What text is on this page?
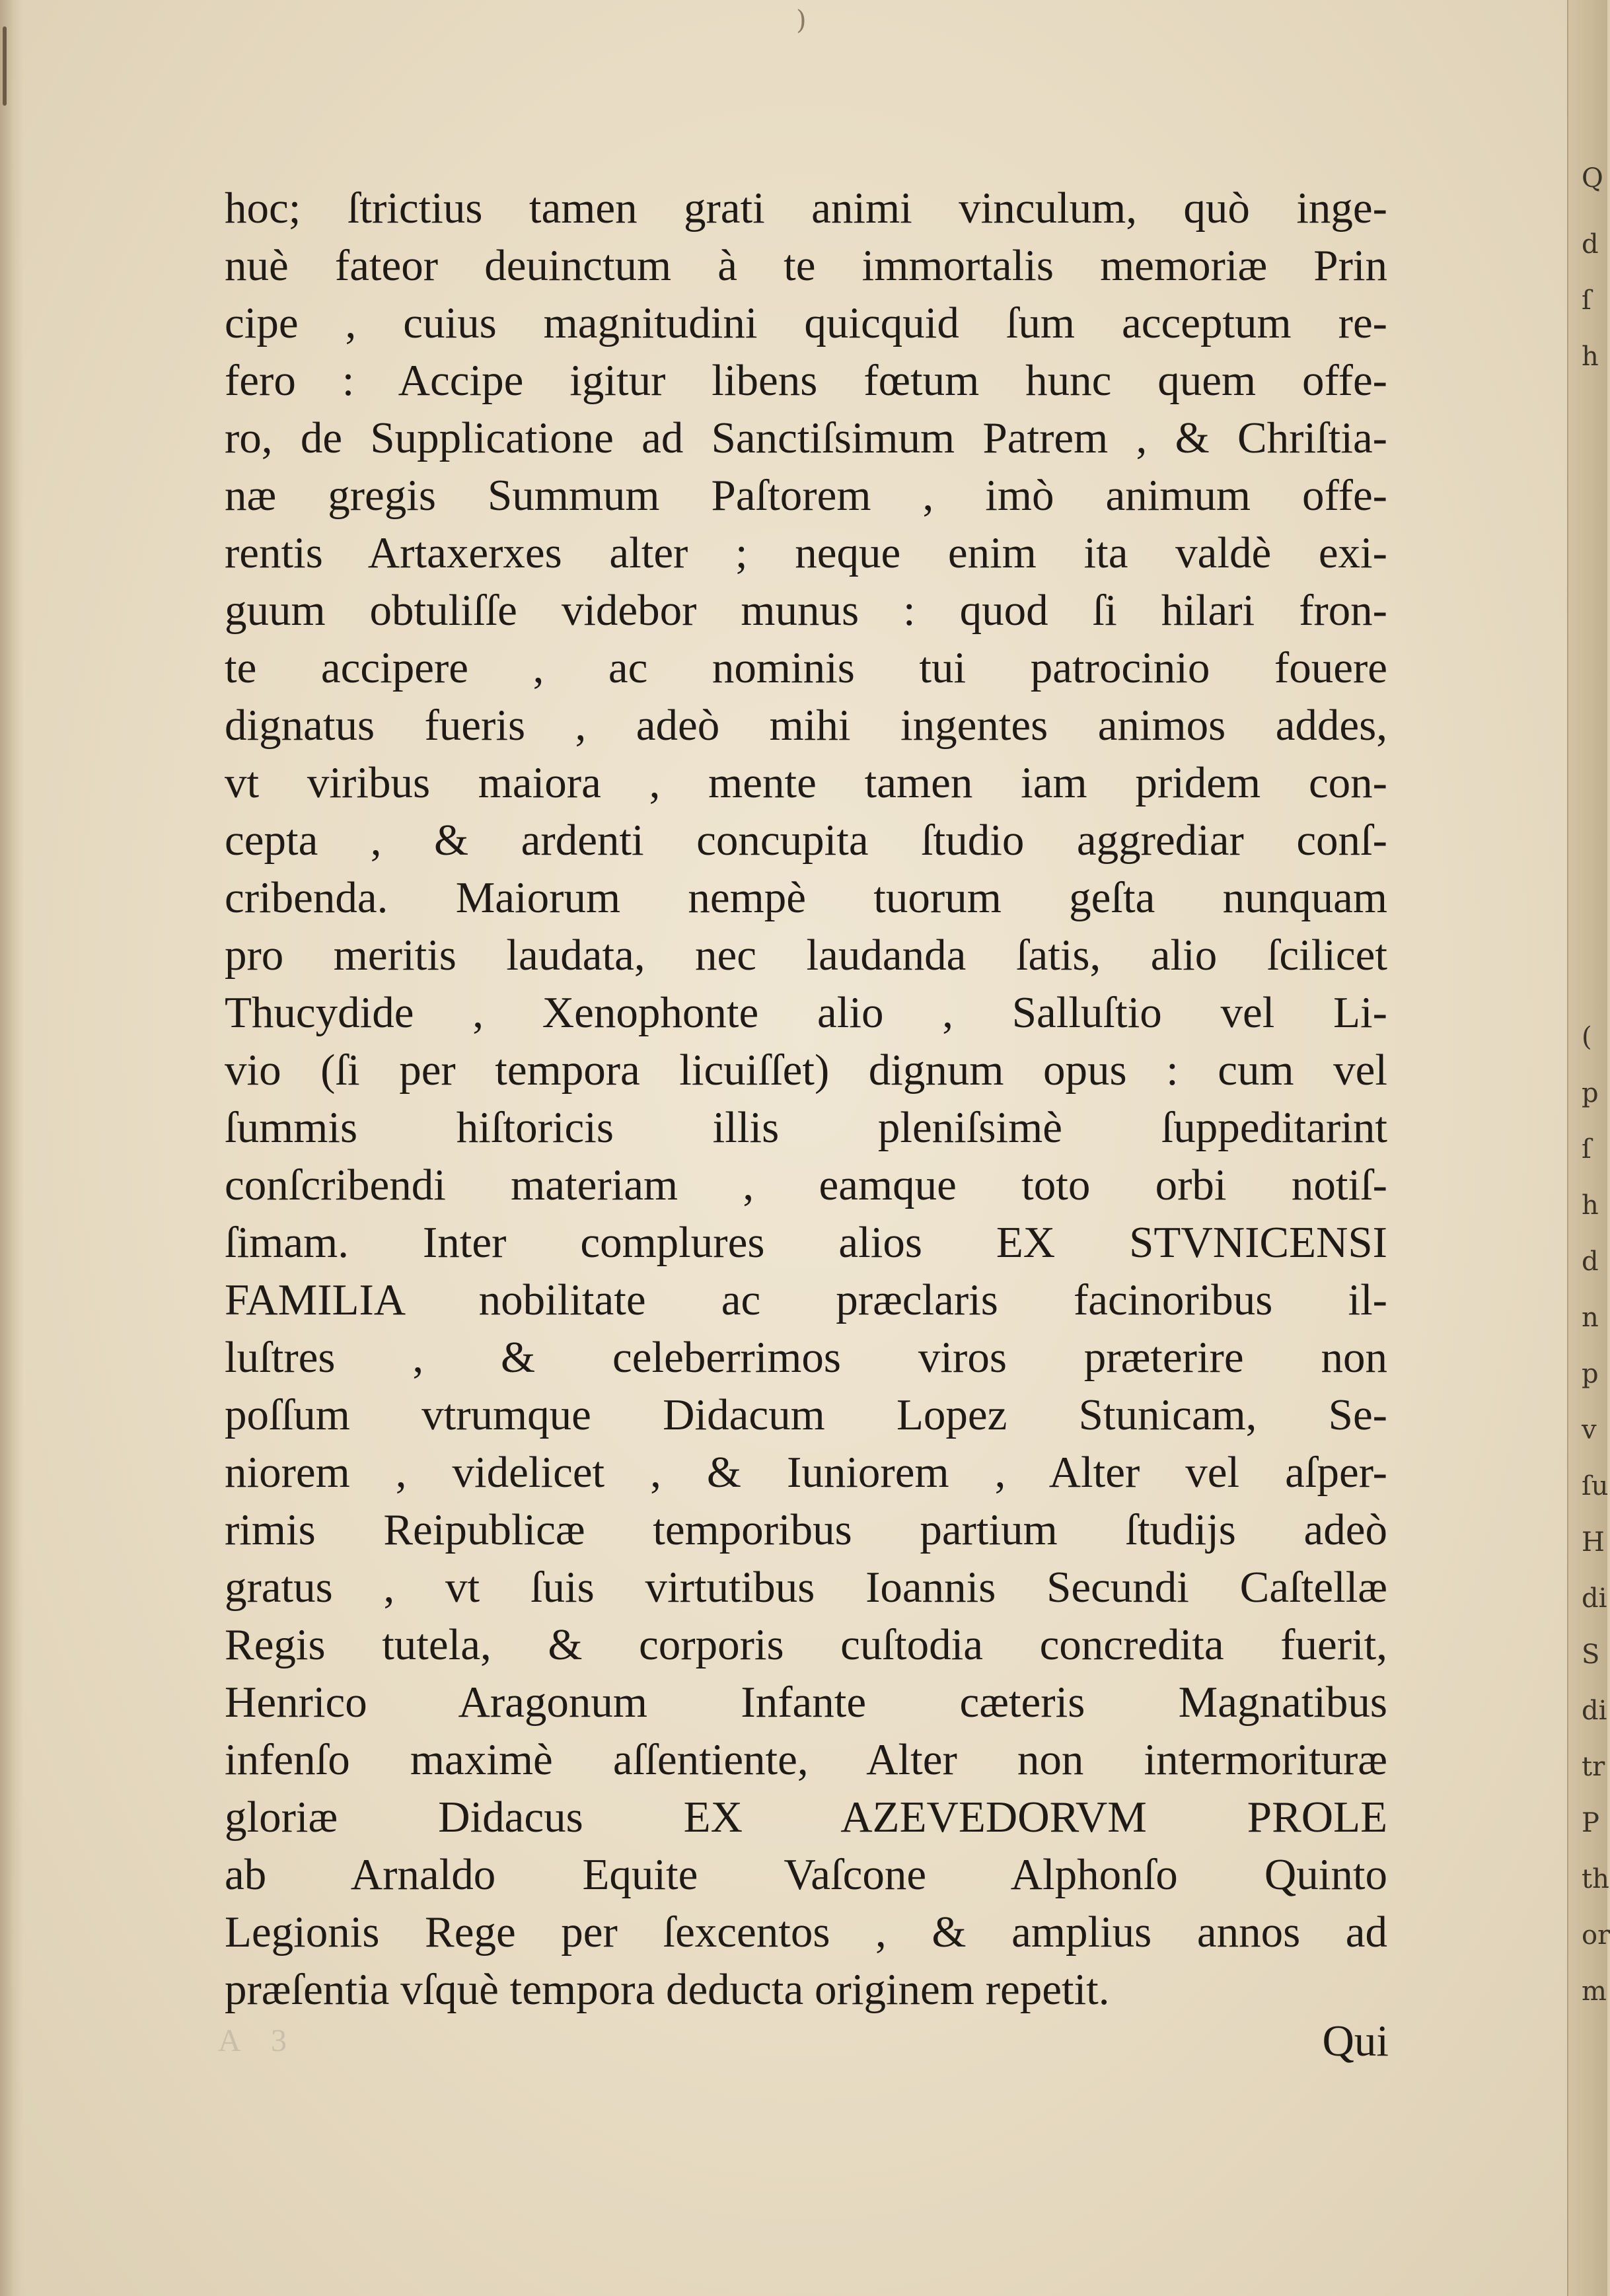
)
hoc; ſtrictius tamen grati animi vinculum, quò inge-
nuè fateor deuinctum à te immortalis memoriæ Prin
cipe , cuius magnitudini quicquid ſum acceptum re-
fero : Accipe igitur libens fœtum hunc quem offe-
ro, de Supplicatione ad Sanctiſsimum Patrem , & Chriſtia-
næ gregis Summum Paſtorem , imò animum offe-
rentis Artaxerxes alter ; neque enim ita valdè exi-
guum obtuliſſe videbor munus : quod ſi hilari fron-
te accipere , ac nominis tui patrocinio fouere
dignatus fueris , adeò mihi ingentes animos addes,
vt viribus maiora , mente tamen iam pridem con-
cepta , & ardenti concupita ſtudio aggrediar conſ-
cribenda. Maiorum nempè tuorum geſta nunquam
pro meritis laudata, nec laudanda ſatis, alio ſcilicet
Thucydide , Xenophonte alio , Salluſtio vel Li-
vio (ſi per tempora licuiſſet) dignum opus : cum vel
ſummis hiſtoricis illis pleniſsimè ſuppeditarint
conſcribendi materiam , eamque toto orbi notiſ-
ſimam. Inter complures alios EX STVNICENSI
FAMILIA nobilitate ac præclaris facinoribus il-
luſtres , & celeberrimos viros præterire non
poſſum vtrumque Didacum Lopez Stunicam, Se-
niorem , videlicet , & Iuniorem , Alter vel aſper-
rimis Reipublicæ temporibus partium ſtudijs adeò
gratus , vt ſuis virtutibus Ioannis Secundi Caſtellæ
Regis tutela, & corporis cuſtodia concredita fuerit,
Henrico Aragonum Infante cæteris Magnatibus
infenſo maximè aſſentiente, Alter non intermorituræ
gloriæ Didacus EX AZEVEDORVM PROLE
ab Arnaldo Equite Vaſcone Alphonſo Quinto
Legionis Rege per ſexcentos , & amplius annos ad
præſentia vſquè tempora deducta originem repetit.
A 3	Qui
Q
d
ſ
h
(
p
ſ
h
d
n
p
v
ſu
H
di
S
di
tr
P
th
or
m
